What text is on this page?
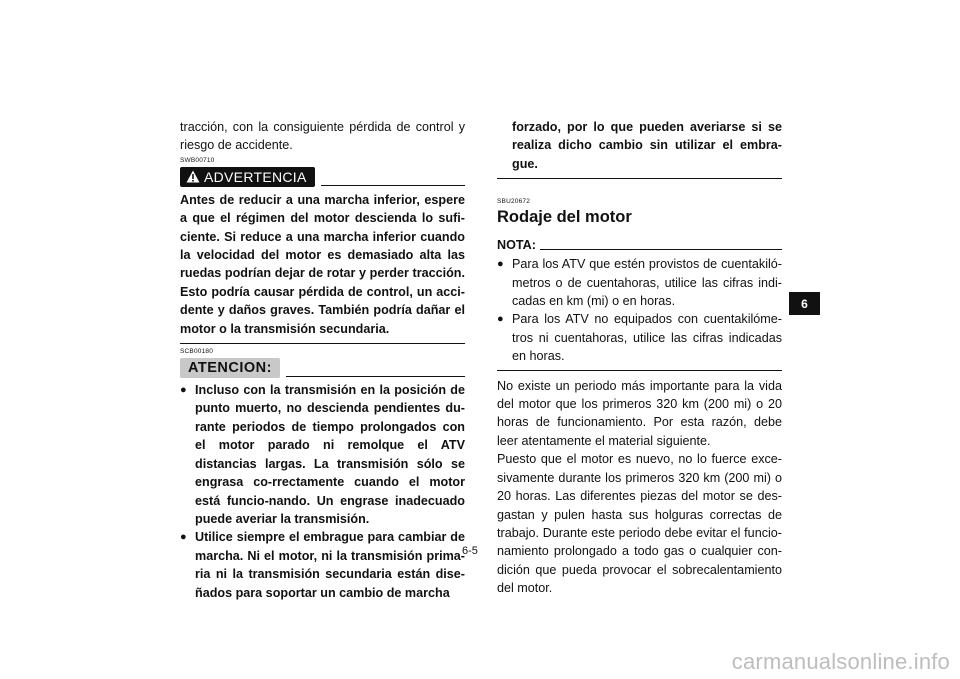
tracción, con la consiguiente pérdida de control y riesgo de accidente.
SWB00710
ADVERTENCIA
Antes de reducir a una marcha inferior, espere a que el régimen del motor descienda lo sufi-ciente. Si reduce a una marcha inferior cuando la velocidad del motor es demasiado alta las ruedas podrían dejar de rotar y perder tracción. Esto podría causar pérdida de control, un acci-dente y daños graves. También podría dañar el motor o la transmisión secundaria.
SCB00180
ATENCION:
● Incluso con la transmisión en la posición de punto muerto, no descienda pendientes du-rante periodos de tiempo prolongados con el motor parado ni remolque el ATV distancias largas. La transmisión sólo se engrasa co-rrectamente cuando el motor está funcio-nando. Un engrase inadecuado puede averiar la transmisión.
● Utilice siempre el embrague para cambiar de marcha. Ni el motor, ni la transmisión prima-ria ni la transmisión secundaria están dise-ñados para soportar un cambio de marcha
forzado, por lo que pueden averiarse si se realiza dicho cambio sin utilizar el embra-gue.
SBU20672
Rodaje del motor
NOTA:
● Para los ATV que estén provistos de cuentakiló-metros o de cuentahoras, utilice las cifras indi-cadas en km (mi) o en horas.
● Para los ATV no equipados con cuentakilóme-tros ni cuentahoras, utilice las cifras indicadas en horas.
No existe un periodo más importante para la vida del motor que los primeros 320 km (200 mi) o 20 horas de funcionamiento. Por esta razón, debe leer atentamente el material siguiente.
Puesto que el motor es nuevo, no lo fuerce exce-sivamente durante los primeros 320 km (200 mi) o 20 horas. Las diferentes piezas del motor se des-gastan y pulen hasta sus holguras correctas de trabajo. Durante este periodo debe evitar el funcio-namiento prolongado a todo gas o cualquier con-dición que pueda provocar el sobrecalentamiento del motor.
6
6-5
carmanualsonline.info
